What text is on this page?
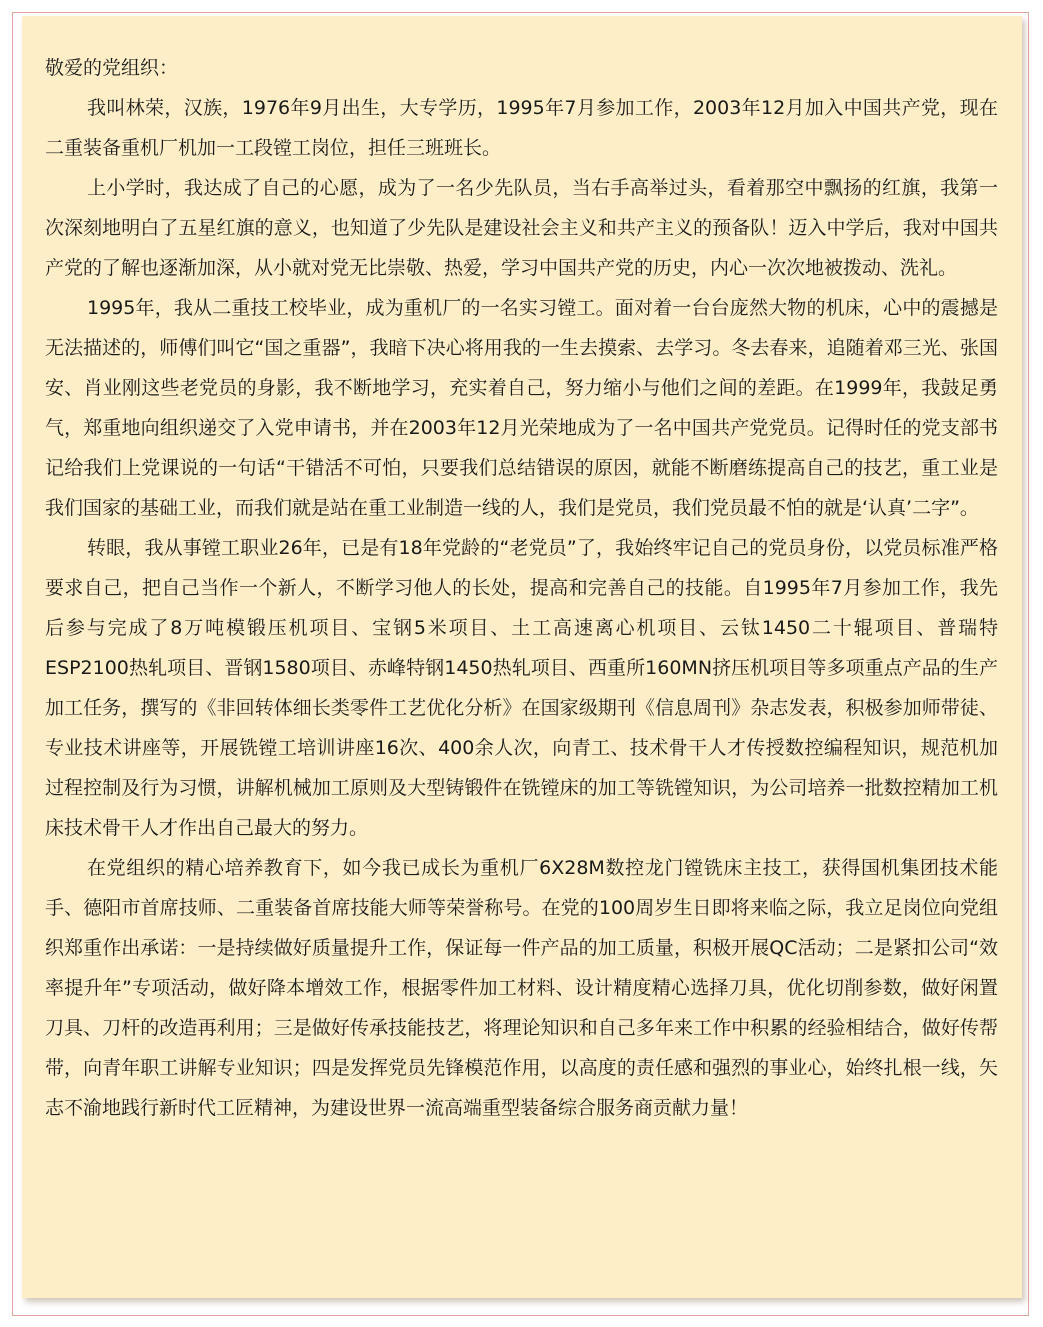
敬爱的党组织：

我叫林荣，汉族，1976年9月出生，大专学历，1995年7月参加工作，2003年12月加入中国共产党，现在二重装备重机厂机加一工段镗工岗位，担任三班班长。

上小学时，我达成了自己的心愿，成为了一名少先队员，当右手高举过头，看着那空中飘扬的红旗，我第一次深刻地明白了五星红旗的意义，也知道了少先队是建设社会主义和共产主义的预备队！迈入中学后，我对中国共产党的了解也逐渐加深，从小就对党无比崇敬、热爱，学习中国共产党的历史，内心一次次地被拨动、洗礼。

1995年，我从二重技工校毕业，成为重机厂的一名实习镗工。面对着一台台庞然大物的机床，心中的震撼是无法描述的，师傅们叫它“国之重器”，我暗下决心将用我的一生去摸索、去学习。冬去春来，追随着邓三光、张国安、肖业刚这些老党员的身影，我不断地学习，充实着自己，努力缩小与他们之间的差距。在1999年，我鼓足勇气，郑重地向组织递交了入党申请书，并在2003年12月光荣地成为了一名中国共产党党员。记得时任的党支部书记给我们上党课说的一句话“干错活不可怕，只要我们总结错误的原因，就能不断磨练提高自己的技艺，重工业是我们国家的基础工业，而我们就是站在重工业制造一线的人，我们是党员，我们党员最不怕的就是‘认真’二字”。

转眼，我从事镗工职业26年，已是有18年党龄的“老党员”了，我始终牢记自己的党员身份，以党员标准严格要求自己，把自己当作一个新人，不断学习他人的长处，提高和完善自己的技能。自1995年7月参加工作，我先后参与完成了8万吨模锻压机项目、宝钢5米项目、土工高速离心机项目、云钛1450二十辊项目、普瑞特ESP2100热轧项目、晋钢1580项目、赤峰特钢1450热轧项目、西重所160MN挤压机项目等多项重点产品的生产加工任务，撰写的《非回转体细长类零件工艺优化分析》在国家级期刊《信息周刊》杂志发表，积极参加师带徒、专业技术讲座等，开展铣镗工培训讲座16次、400余人次，向青工、技术骨干人才传授数控编程知识，规范机加过程控制及行为习惯，讲解机械加工原则及大型铸锻件在铣镗床的加工等铣镗知识，为公司培养一批数控精加工机床技术骨干人才作出自己最大的努力。

在党组织的精心培养教育下，如今我已成长为重机厂6X28M数控龙门镗铣床主技工，获得国机集团技术能手、德阳市首席技师、二重装备首席技能大师等荣誉称号。在党的100周岁生日即将来临之际，我立足岗位向党组织郑重作出承诺：一是持续做好质量提升工作，保证每一件产品的加工质量，积极开展QC活动；二是紧扣公司“效率提升年”专项活动，做好降本增效工作，根据零件加工材料、设计精度精心选择刀具，优化切削参数，做好闲置刀具、刀杆的改造再利用；三是做好传承技能技艺，将理论知识和自己多年来工作中积累的经验相结合，做好传帮带，向青年职工讲解专业知识；四是发挥党员先锋模范作用，以高度的责任感和强烈的事业心，始终扎根一线，矢志不渝地践行新时代工匠精神，为建设世界一流高端重型装备综合服务商贡献力量！
